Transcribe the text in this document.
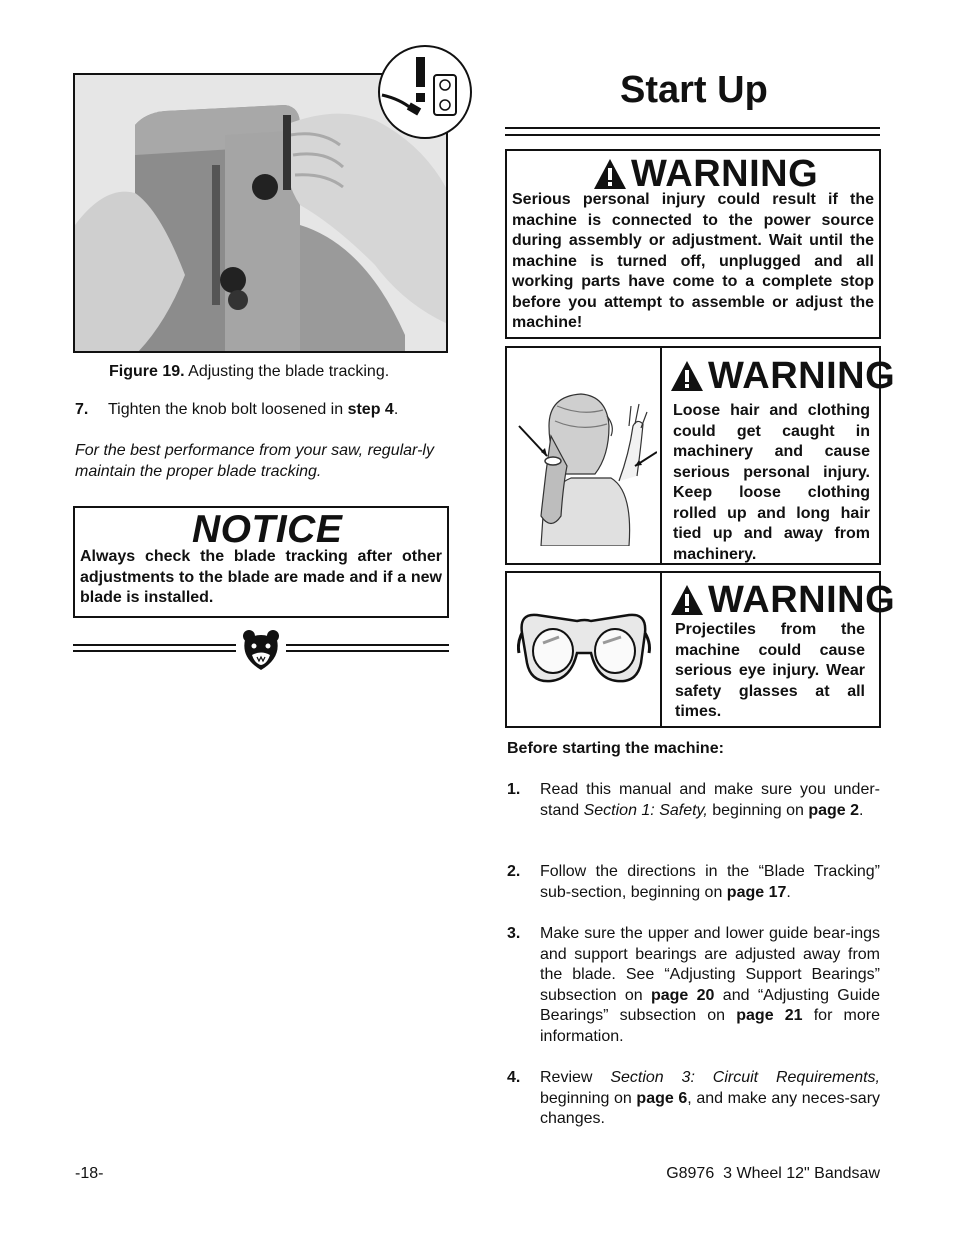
Figure 19. Adjusting the blade tracking.
7. Tighten the knob bolt loosened in step 4.
For the best performance from your saw, regular-ly maintain the proper blade tracking.
NOTICE
Always check the blade tracking after other adjustments to the blade are made and if a new blade is installed.
Start Up
WARNING
Serious personal injury could result if the machine is connected to the power source during assembly or adjustment. Wait until the machine is turned off, unplugged and all working parts have come to a complete stop before you attempt to assemble or adjust the machine!
WARNING
Loose hair and clothing could get caught in machinery and cause serious personal injury. Keep loose clothing rolled up and long hair tied up and away from machinery.
WARNING
Projectiles from the machine could cause serious eye injury. Wear safety glasses at all times.
Before starting the machine:
1. Read this manual and make sure you under-stand Section 1: Safety, beginning on page 2.
2. Follow the directions in the “Blade Tracking” sub-section, beginning on page 17.
3. Make sure the upper and lower guide bear-ings and support bearings are adjusted away from the blade. See “Adjusting Support Bearings” subsection on page 20 and “Adjusting Guide Bearings” subsection on page 21 for more information.
4. Review Section 3: Circuit Requirements, beginning on page 6, and make any neces-sary changes.
-18-	G8976  3 Wheel 12" Bandsaw
